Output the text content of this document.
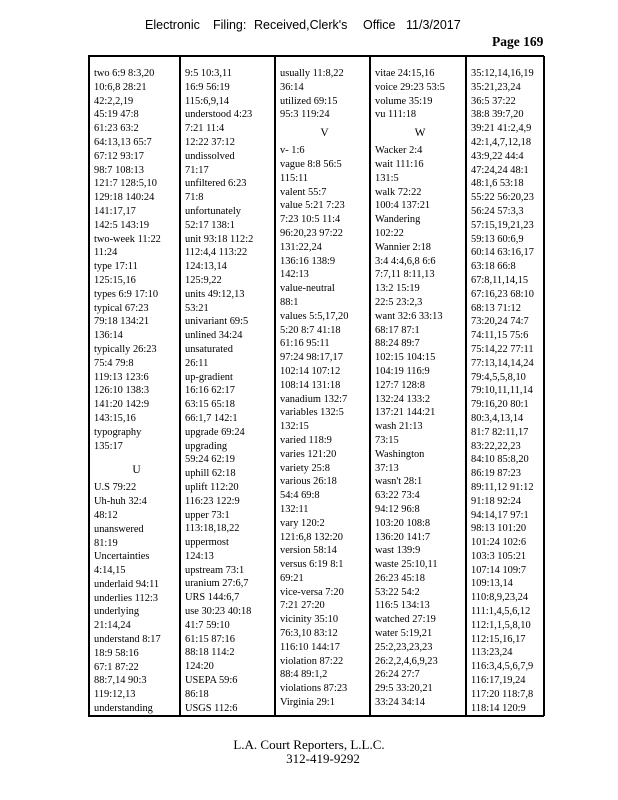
Electronic Filing: Received,Clerk's Office 11/3/2017
Page 169
two 6:9 8:3,20
10:6,8 28:21
42:2,2,19
45:19 47:8
61:23 63:2
64:13,13 65:7
67:12 93:17
98:7 108:13
121:7 128:5,10
129:18 140:24
141:17,17
142:5 143:19
two-week 11:22
11:24
type 17:11
125:15,16
types 6:9 17:10
typical 67:23
79:18 134:21
136:14
typically 26:23
75:4 79:8
119:13 123:6
126:10 138:3
141:20 142:9
143:15,16
typography
135:17
U
U.S 79:22
Uh-huh 32:4
48:12
unanswered
81:19
Uncertainties
4:14,15
underlaid 94:11
underlies 112:3
underlying
21:14,24
understand 8:17
18:9 58:16
67:1 87:22
88:7,14 90:3
119:12,13
understanding
9:5 10:3,11
16:9 56:19
115:6,9,14
understood 4:23
7:21 11:4
12:22 37:12
undissolved
71:17
unfiltered 6:23
71:8
unfortunately
52:17 138:1
unit 93:18 112:2
112:4,4 113:22
124:13,14
125:9,22
units 49:12,13
53:21
univariant 69:5
unlined 34:24
unsaturated
26:11
up-gradient
16:16 62:17
63:15 65:18
66:1,7 142:1
upgrade 69:24
upgrading
59:24 62:19
uphill 62:18
uplift 112:20
116:23 122:9
upper 73:1
113:18,18,22
uppermost
124:13
upstream 73:1
uranium 27:6,7
URS 144:6,7
use 30:23 40:18
41:7 59:10
61:15 87:16
88:18 114:2
124:20
USEPA 59:6
86:18
USGS 112:6
usually 11:8,22
36:14
utilized 69:15
95:3 119:24
V
v- 1:6
vague 8:8 56:5
115:11
valent 55:7
value 5:21 7:23
7:23 10:5 11:4
96:20,23 97:22
131:22,24
136:16 138:9
142:13
value-neutral
88:1
values 5:5,17,20
5:20 8:7 41:18
61:16 95:11
97:24 98:17,17
102:14 107:12
108:14 131:18
vanadium 132:7
variables 132:5
132:15
varied 118:9
varies 121:20
variety 25:8
various 26:18
54:4 69:8
132:11
vary 120:2
121:6,8 132:20
version 58:14
versus 6:19 8:1
69:21
vice-versa 7:20
7:21 27:20
vicinity 35:10
76:3,10 83:12
116:10 144:17
violation 87:22
88:4 89:1,2
violations 87:23
Virginia 29:1
vitae 24:15,16
voice 29:23 53:5
volume 35:19
vu 111:18
W
Wacker 2:4
wait 111:16
131:5
walk 72:22
100:4 137:21
Wandering
102:22
Wannier 2:18
3:4 4:4,6,8 6:6
7:7,11 8:11,13
13:2 15:19
22:5 23:2,3
want 32:6 33:13
68:17 87:1
88:24 89:7
102:15 104:15
104:19 116:9
127:7 128:8
132:24 133:2
137:21 144:21
wash 21:13
73:15
Washington
37:13
wasn't 28:1
63:22 73:4
94:12 96:8
103:20 108:8
136:20 141:7
wast 139:9
waste 25:10,11
26:23 45:18
53:22 54:2
116:5 134:13
watched 27:19
water 5:19,21
25:2,23,23,23
26:2,2,4,6,9,23
26:24 27:7
29:5 33:20,21
33:24 34:14
35:12,14,16,19
35:21,23,24
36:5 37:22
38:8 39:7,20
39:21 41:2,4,9
42:1,4,7,12,18
43:9,22 44:4
47:24,24 48:1
48:1,6 53:18
55:22 56:20,23
56:24 57:3,3
57:15,19,21,23
59:13 60:6,9
60:14 63:16,17
63:18 66:8
67:8,11,14,15
67:16,23 68:10
68:13 71:12
73:20,24 74:7
74:11,15 75:6
75:14,22 77:11
77:13,14,14,24
79:4,5,5,8,10
79:10,11,11,14
79:16,20 80:1
80:3,4,13,14
81:7 82:11,17
83:22,22,23
84:10 85:8,20
86:19 87:23
89:11,12 91:12
91:18 92:24
94:14,17 97:1
98:13 101:20
101:24 102:6
103:3 105:21
107:14 109:7
109:13,14
110:8,9,23,24
111:1,4,5,6,12
112:1,1,5,8,10
112:15,16,17
113:23,24
116:3,4,5,6,7,9
116:17,19,24
117:20 118:7,8
118:14 120:9
L.A. Court Reporters, L.L.C.
312-419-9292
